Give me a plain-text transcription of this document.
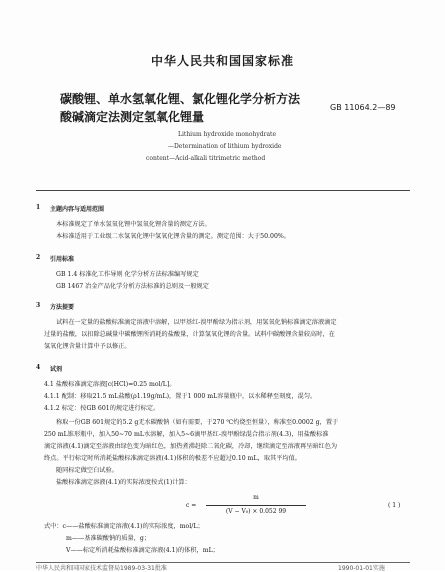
中华人民共和国国家标准
碳酸锂、单水氢氧化锂、氯化锂化学分析方法
酸碱滴定法测定氢氧化锂量
GB 11064.2—89
Lithium hydroxide monohydrate
—Determination of lithium hydroxide
content—Acid-alkali titrimetric method
1 主题内容与适用范围
本标准规定了单水氢氧化锂中氢氧化锂含量的测定方法。
本标准适用于工业级二水氢氧化锂中氢氧化锂含量的测定。测定范围：大于50.00%。
2 引用标准
GB 1.4 标准化工作导则 化学分析方法标准编写规定
GB 1467 冶金产品化学分析方法标准的总则及一般规定
3 方法提要
试料在一定量的盐酸标准滴定溶液中溶解，以甲基红-溴甲酚绿为指示剂，用氢氧化钠标准滴定溶液滴定
过量的盐酸，以扣除总碱量中碳酸锂所消耗的盐酸量，计算氢氧化锂的含量。试料中碳酸锂含量较高时，在
氢氧化锂含量计算中予以修正。
4 试剂
4.1 盐酸标准滴定溶液[c(HCl)=0.25 mol/L]。
4.1.1 配制：移取21.5 mL盐酸(ρ1.19g/mL)，置于1 000 mL容量瓶中，以水稀释至刻度，混匀。
4.1.2 标定：按GB 601的规定进行标定。
称取一份GB 601规定的5.2 g无水碳酸钠（如有需要，于270 ℃灼烧至恒量），称准至0.0002 g，置于
250 mL锥形瓶中，加入50~70 mL水溶解，加入5~6滴甲基红-溴甲酚绿混合指示剂(4.3)，用盐酸标准
滴定溶液(4.1)滴定至溶液由绿色变为暗红色，加热煮沸赶除二氧化碳，冷却，继续滴定至溶液再呈暗红色为
终点。平行标定时所消耗盐酸标准滴定溶液(4.1)体积的极差不应超过0.10 mL，取其平均值。
随同标定做空白试验。
盐酸标准滴定溶液(4.1)的实际浓度按式(1)计算：
c =
m
(V − V₀) × 0.052 99
( 1 )
式中：c——盐酸标准滴定溶液(4.1)的实际浓度，mol/L；
m——基准碳酸钠的质量，g；
V——标定所消耗盐酸标准滴定溶液(4.1)的体积，mL；
中华人民共和国国家技术监督局1989-03-31批准	1990-01-01实施
